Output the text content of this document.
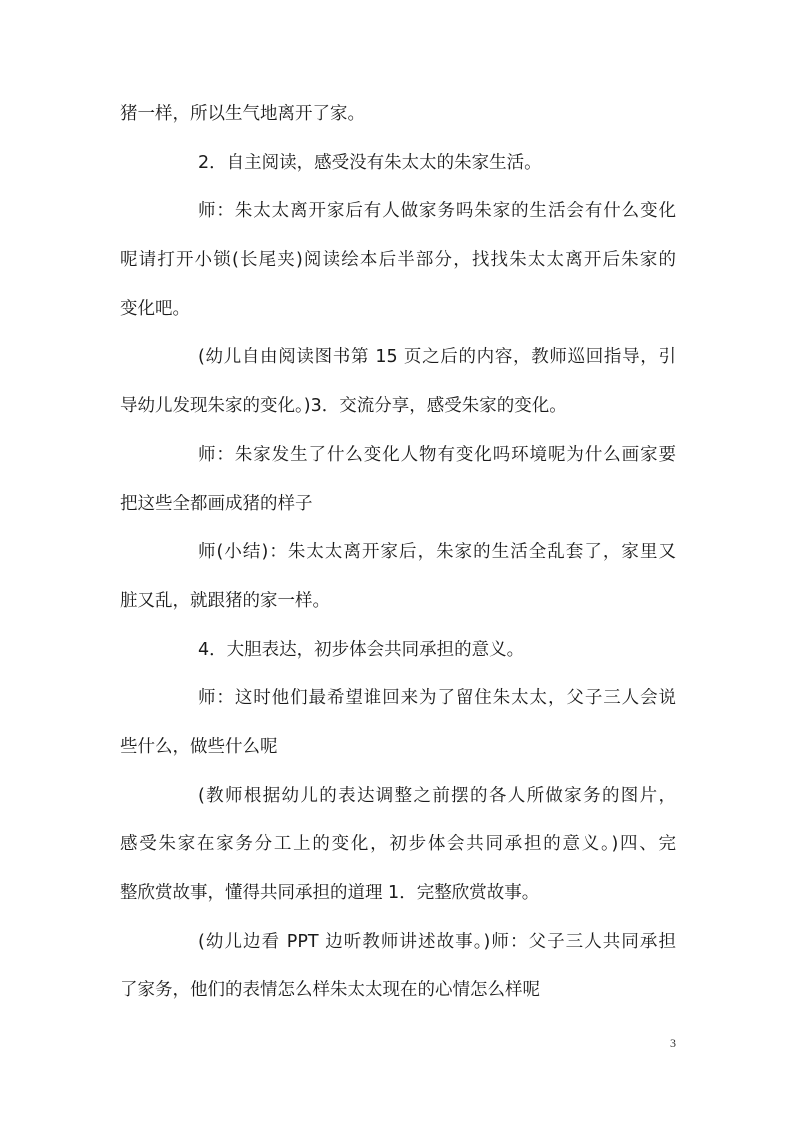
猪一样，所以生气地离开了家。
2．自主阅读，感受没有朱太太的朱家生活。
师：朱太太离开家后有人做家务吗朱家的生活会有什么变化
呢请打开小锁(长尾夹)阅读绘本后半部分，找找朱太太离开后朱家的
变化吧。
(幼儿自由阅读图书第 15 页之后的内容，教师巡回指导，引
导幼儿发现朱家的变化。)3．交流分享，感受朱家的变化。
师：朱家发生了什么变化人物有变化吗环境呢为什么画家要
把这些全都画成猪的样子
师(小结)：朱太太离开家后，朱家的生活全乱套了，家里又
脏又乱，就跟猪的家一样。
4．大胆表达，初步体会共同承担的意义。
师：这时他们最希望谁回来为了留住朱太太，父子三人会说
些什么，做些什么呢
(教师根据幼儿的表达调整之前摆的各人所做家务的图片，
感受朱家在家务分工上的变化，初步体会共同承担的意义。)四、完
整欣赏故事，懂得共同承担的道理 1．完整欣赏故事。
(幼儿边看 PPT 边听教师讲述故事。)师：父子三人共同承担
了家务，他们的表情怎么样朱太太现在的心情怎么样呢
3
